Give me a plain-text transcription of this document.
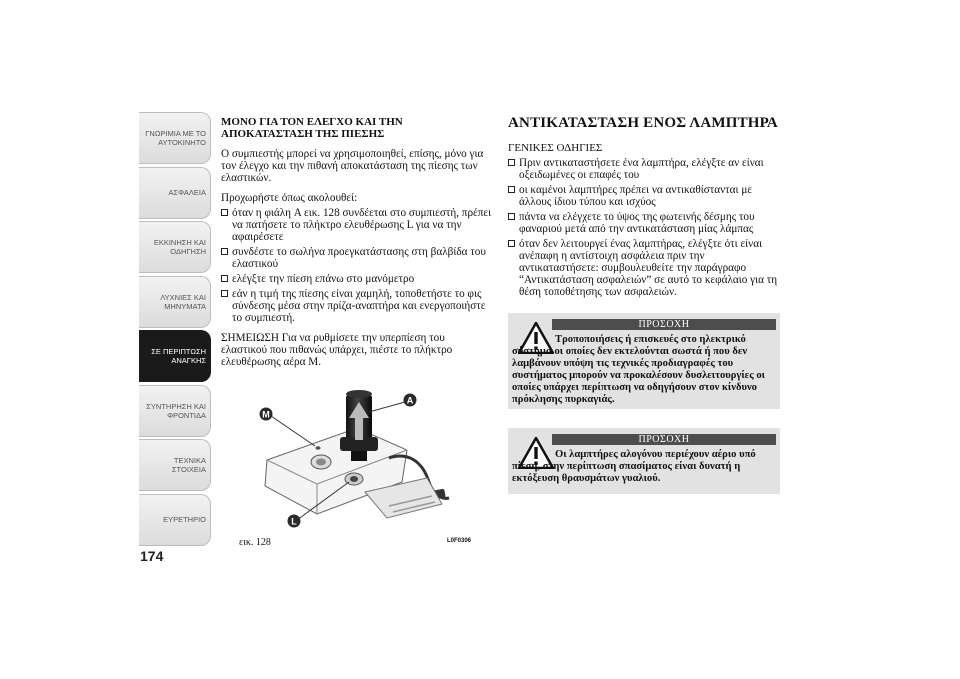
ΓΝΩΡΙΜΙΑ ΜΕ ΤΟ
ΑΥΤΟΚΙΝΗΤΟ
ΑΣΦΑΛΕΙΑ
ΕΚΚΙΝΗΣΗ ΚΑΙ
ΟΔΗΓΗΣΗ
ΛΥΧΝΙΕΣ ΚΑΙ
ΜΗΝΥΜΑΤΑ
ΣΕ ΠΕΡΙΠΤΩΣΗ
ΑΝΑΓΚΗΣ
ΣΥΝΤΗΡΗΣΗ ΚΑΙ
ΦΡΟΝΤΙΔΑ
ΤΕΧΝΙΚΑ ΣΤΟΙΧΕΙΑ
ΕΥΡΕΤΗΡΙΟ
174
ΜΟΝΟ ΓΙΑ ΤΟΝ ΕΛΕΓΧΟ ΚΑΙ ΤΗΝ ΑΠΟΚΑΤΑΣΤΑΣΗ ΤΗΣ ΠΙΕΣΗΣ

Ο συμπιεστής μπορεί να χρησιμοποιηθεί, επίσης, μόνο για τον έλεγχο και την πιθανή αποκατάσταση της πίεσης των ελαστικών.

Προχωρήστε όπως ακολουθεί:

όταν η φιάλη A εικ. 128 συνδέεται στο συμπιεστή, πρέπει να πατήσετε το πλήκτρο ελευθέρωσης L για να την αφαιρέσετε
συνδέστε το σωλήνα προεγκατάστασης στη βαλβίδα του ελαστικού
ελέγξτε την πίεση επάνω στο μανόμετρο
εάν η τιμή της πίεσης είναι χαμηλή, τοποθετήστε το φις σύνδεσης μέσα στην πρίζα-αναπτήρα και ενεργοποιήστε το συμπιεστή.

ΣΗΜΕΙΩΣΗ Για να ρυθμίσετε την υπερπίεση του ελαστικού που πιθανώς υπάρχει, πιέστε το πλήκτρο ελευθέρωσης αέρα M.

A
M
L
εικ. 128	L0F0306
ΑΝΤΙΚΑΤΑΣΤΑΣΗ ΕΝΟΣ ΛΑΜΠΤΗΡΑ
ΓΕΝΙΚΕΣ ΟΔΗΓΙΕΣ
Πριν αντικαταστήσετε ένα λαμπτήρα, ελέγξτε αν είναι οξειδωμένες οι επαφές του
οι καμένοι λαμπτήρες πρέπει να αντικαθίστανται με άλλους ίδιου τύπου και ισχύος
πάντα να ελέγχετε το ύψος της φωτεινής δέσμης του φαναριού μετά από την αντικατάσταση μίας λάμπας
όταν δεν λειτουργεί ένας λαμπτήρας, ελέγξτε ότι είναι ανέπαφη η αντίστοιχη ασφάλεια πριν την αντικαταστήσετε: συμβουλευθείτε την παράγραφο “Αντικατάσταση ασφαλειών” σε αυτό το κεφάλαιο για τη θέση τοποθέτησης των ασφαλειών.
ΠΡΟΣΟΧΗ
Τροποποιήσεις ή επισκευές στο ηλεκτρικό σύστημα οι οποίες δεν εκτελούνται σωστά ή που δεν λαμβάνουν υπόψη τις τεχνικές προδιαγραφές του συστήματος μπορούν να προκαλέσουν δυσλειτουργίες οι οποίες υπάρχει περίπτωση να οδηγήσουν στον κίνδυνο πρόκλησης πυρκαγιάς.
ΠΡΟΣΟΧΗ
Οι λαμπτήρες αλογόνου περιέχουν αέριο υπό πίεση, στην περίπτωση σπασίματος είναι δυνατή η εκτόξευση θραυσμάτων γυαλιού.
